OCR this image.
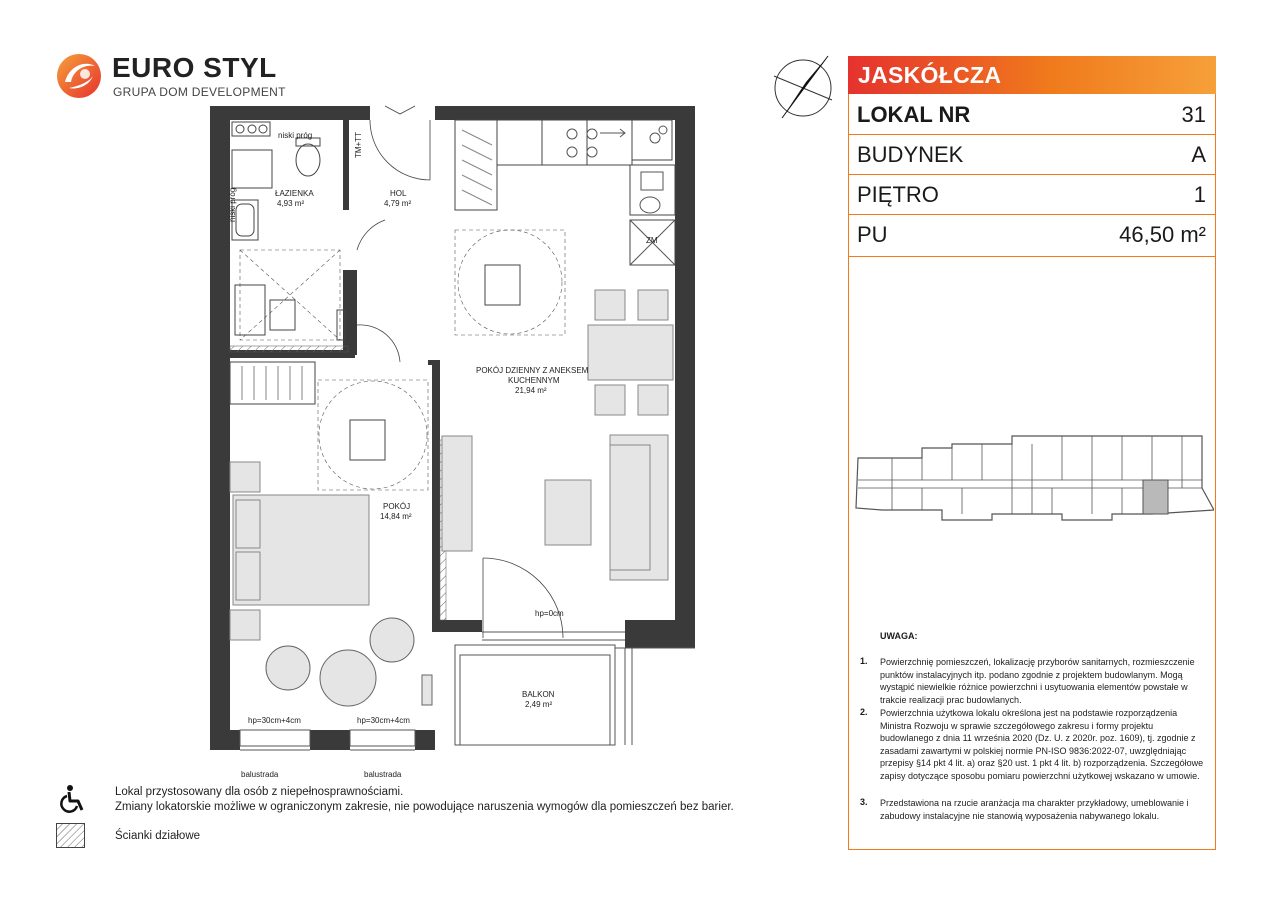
EURO STYL
GRUPA DOM DEVELOPMENT
JASKÓŁCZA
LOKAL NR	31
BUDYNEK	A
PIĘTRO	1
PU	46,50 m²
UWAGA:
1. Powierzchnię pomieszczeń, lokalizację przyborów sanitarnych, rozmieszczenie punktów instalacyjnych itp. podano zgodnie z projektem budowlanym. Mogą wystąpić niewielkie różnice powierzchni i usytuowania elementów powstałe w trakcie realizacji prac budowlanych.
2. Powierzchnia użytkowa lokalu określona jest na podstawie rozporządzenia Ministra Rozwoju w sprawie szczegółowego zakresu i formy projektu budowlanego z dnia 11 września 2020 (Dz. U. z 2020r. poz. 1609), tj. zgodnie z zasadami zawartymi w polskiej normie PN-ISO 9836:2022-07, uwzględniając przepisy §14 pkt 4 lit. a) oraz §20 ust. 1 pkt 4 lit. b) rozporządzenia. Szczegółowe zapisy dotyczące sposobu pomiaru powierzchni użytkowej wskazano w umowie.
3. Przedstawiona na rzucie aranżacja ma charakter przykładowy, umeblowanie i zabudowy instalacyjne nie stanowią wyposażenia nabywanego lokalu.
niski próg
niski próg
TM+TT
ŁAZIENKA
4,93 m²
HOL
4,79 m²
ZM
POKÓJ DZIENNY Z ANEKSEM
KUCHENNYM
21,94 m²
POKÓJ
14,84 m²
hp=0cm
BALKON
2,49 m²
hp=30cm+4cm	hp=30cm+4cm
balustrada	balustrada
Lokal przystosowany dla osób z niepełnosprawnościami.
Zmiany lokatorskie możliwe w ograniczonym zakresie, nie powodujące naruszenia wymogów dla pomieszczeń bez barier.
Ścianki działowe
